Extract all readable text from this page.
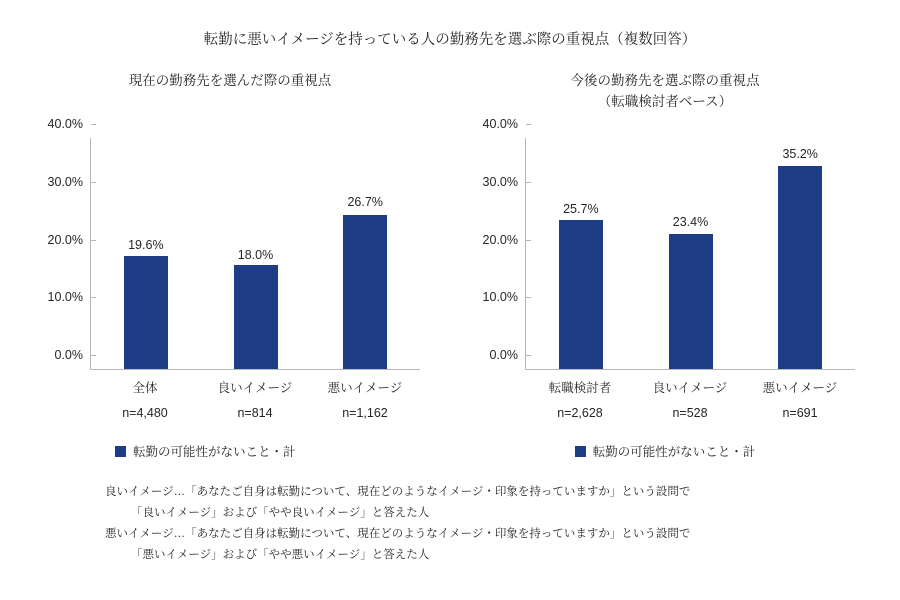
転勤に悪いイメージを持っている人の勤務先を選ぶ際の重視点（複数回答）
現在の勤務先を選んだ際の重視点
0.0%
10.0%
20.0%
30.0%
40.0%
19.6%
18.0%
26.7%
全体
n=4,480
良いイメージ
n=814
悪いイメージ
n=1,162
転勤の可能性がないこと・計
今後の勤務先を選ぶ際の重視点
（転職検討者ベース）
0.0%
10.0%
20.0%
30.0%
40.0%
25.7%
23.4%
35.2%
転職検討者
n=2,628
良いイメージ
n=528
悪いイメージ
n=691
転勤の可能性がないこと・計
良いイメージ…「あなたご自身は転勤について、現在どのようなイメージ・印象を持っていますか」という設問で
「良いイメージ」および「やや良いイメージ」と答えた人
悪いイメージ…「あなたご自身は転勤について、現在どのようなイメージ・印象を持っていますか」という設問で
「悪いイメージ」および「やや悪いイメージ」と答えた人
